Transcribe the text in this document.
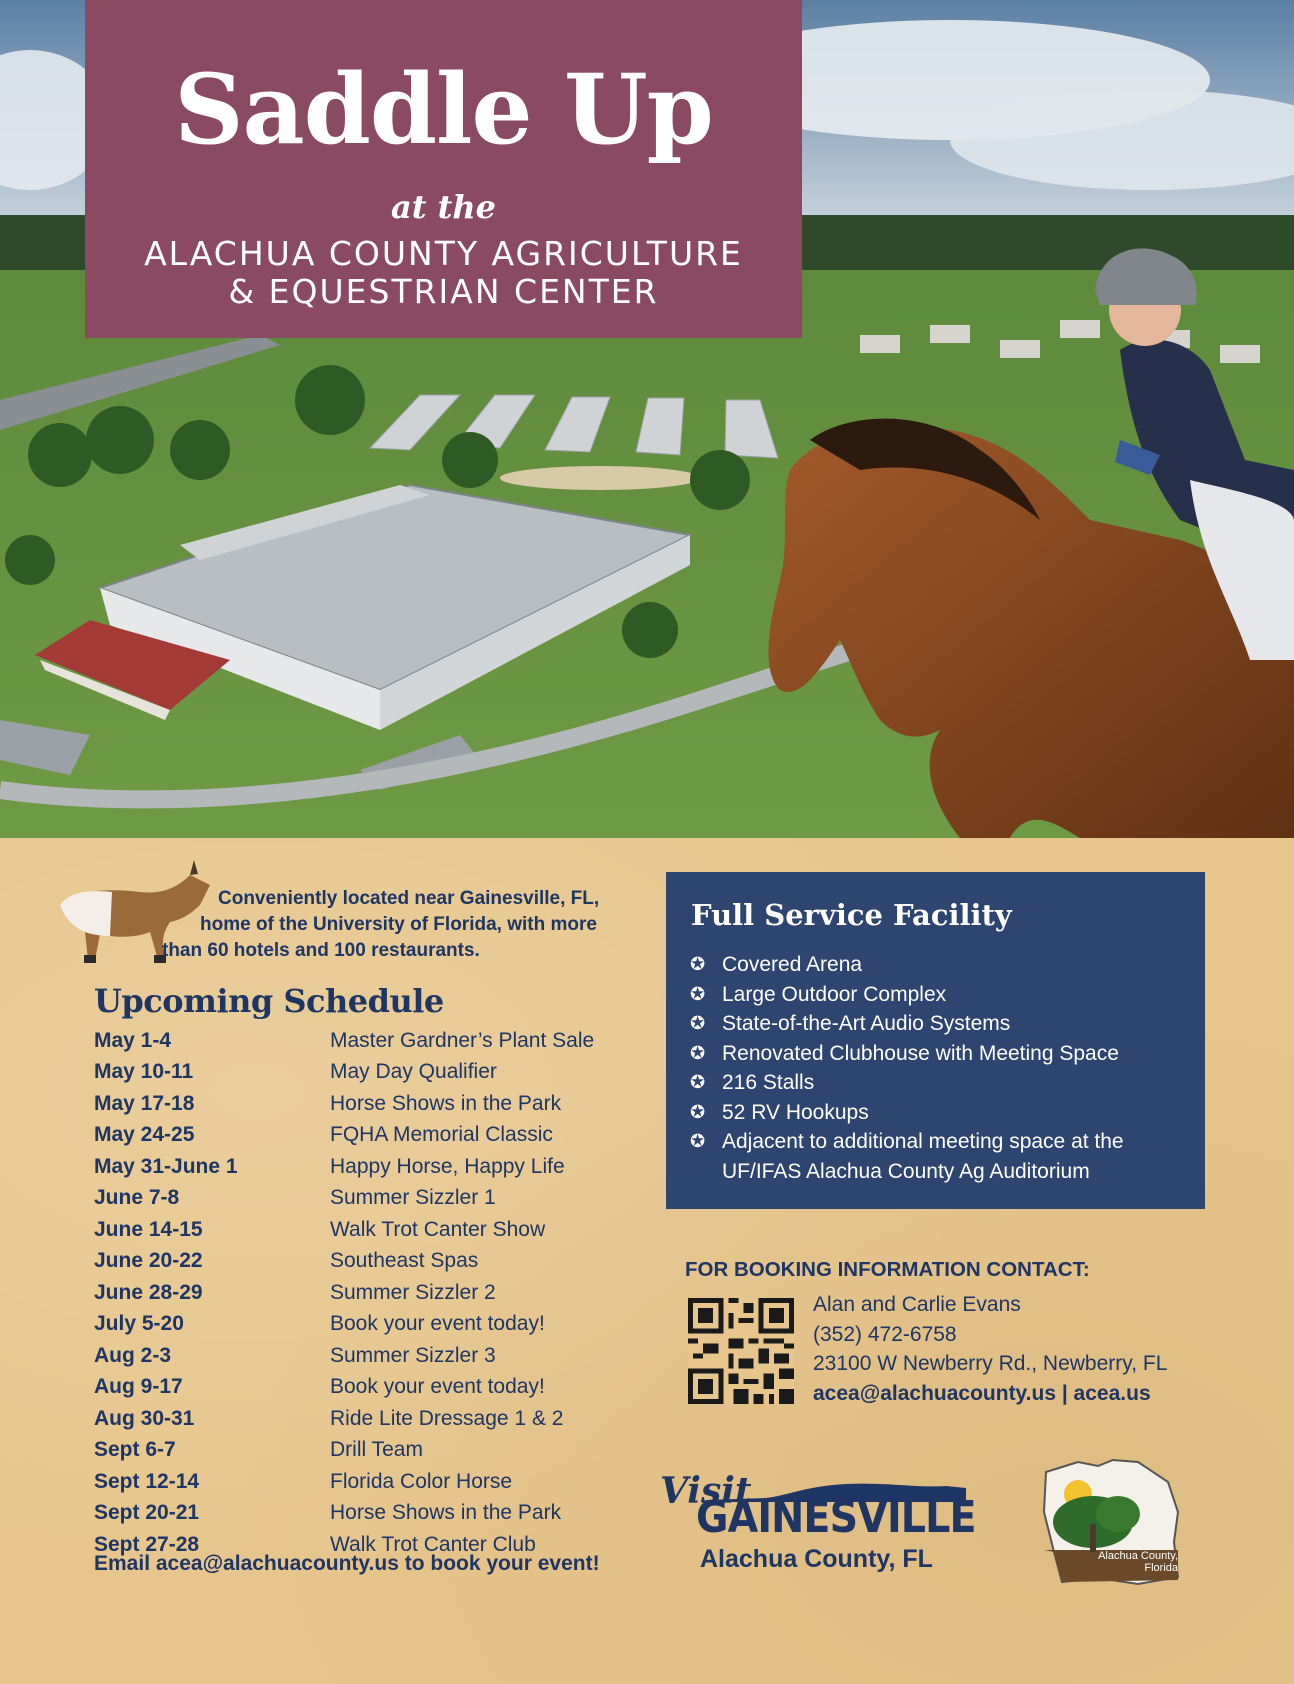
Saddle Up
at the
ALACHUA COUNTY AGRICULTURE
& EQUESTRIAN CENTER
Conveniently located near Gainesville, FL,
home of the University of Florida, with more
than 60 hotels and 100 restaurants.
Upcoming Schedule
May 1-4	Master Gardner’s Plant Sale
May 10-11	May Day Qualifier
May 17-18	Horse Shows in the Park
May 24-25	FQHA Memorial Classic
May 31-June 1	Happy Horse, Happy Life
June 7-8	Summer Sizzler 1
June 14-15	Walk Trot Canter Show
June 20-22	Southeast Spas
June 28-29	Summer Sizzler 2
July 5-20	Book your event today!
Aug 2-3	Summer Sizzler 3
Aug 9-17	Book your event today!
Aug 30-31	Ride Lite Dressage 1 & 2
Sept 6-7	Drill Team
Sept 12-14	Florida Color Horse
Sept 20-21	Horse Shows in the Park
Sept 27-28	Walk Trot Canter Club
Email acea@alachuacounty.us to book your event!
Full Service Facility
✪ Covered Arena
✪ Large Outdoor Complex
✪ State-of-the-Art Audio Systems
✪ Renovated Clubhouse with Meeting Space
✪ 216 Stalls
✪ 52 RV Hookups
✪ Adjacent to additional meeting space at the UF/IFAS Alachua County Ag Auditorium
FOR BOOKING INFORMATION CONTACT:
Alan and Carlie Evans
(352) 472-6758
23100 W Newberry Rd., Newberry, FL
acea@alachuacounty.us | acea.us
Visit
GAINESVILLE
Alachua County, FL	Alachua County,
Florida
